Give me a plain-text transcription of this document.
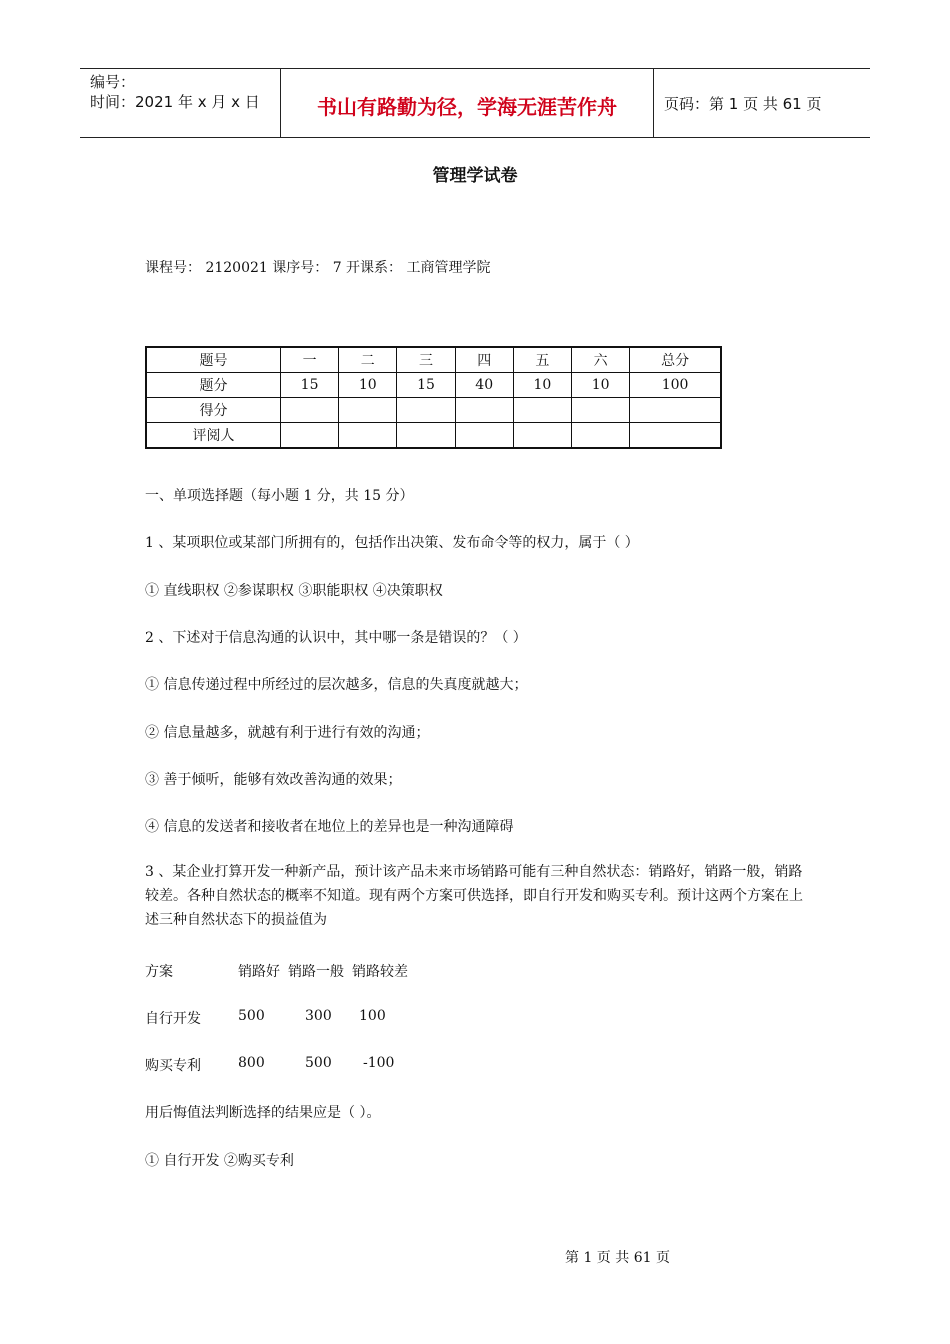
编号：
时间：2021 年 x 月 x 日	书山有路勤为径，学海无涯苦作舟	页码：第 1 页 共 61 页
管理学试卷
课程号： 2120021 课序号： 7 开课系： 工商管理学院
题号	一	二	三	四	五	六	总分
题分	15	10	15	40	10	10	100
得分							
评阅人							
一、单项选择题（每小题 1 分，共 15 分）
1 、某项职位或某部门所拥有的，包括作出决策、发布命令等的权力，属于（ ）
① 直线职权 ②参谋职权 ③职能职权 ④决策职权
2 、下述对于信息沟通的认识中，其中哪一条是错误的？（ ）
① 信息传递过程中所经过的层次越多，信息的失真度就越大；
② 信息量越多，就越有利于进行有效的沟通；
③ 善于倾听，能够有效改善沟通的效果；
④ 信息的发送者和接收者在地位上的差异也是一种沟通障碍
3 、某企业打算开发一种新产品，预计该产品未来市场销路可能有三种自然状态：销路好，销路一般，销路较差。各种自然状态的概率不知道。现有两个方案可供选择，即自行开发和购买专利。预计这两个方案在上述三种自然状态下的损益值为
方案	销路好 销路一般 销路较差
自行开发	500	300 100
购买专利	800	500 -100
用后悔值法判断选择的结果应是（ ）。
① 自行开发 ②购买专利
第 1 页 共 61 页
